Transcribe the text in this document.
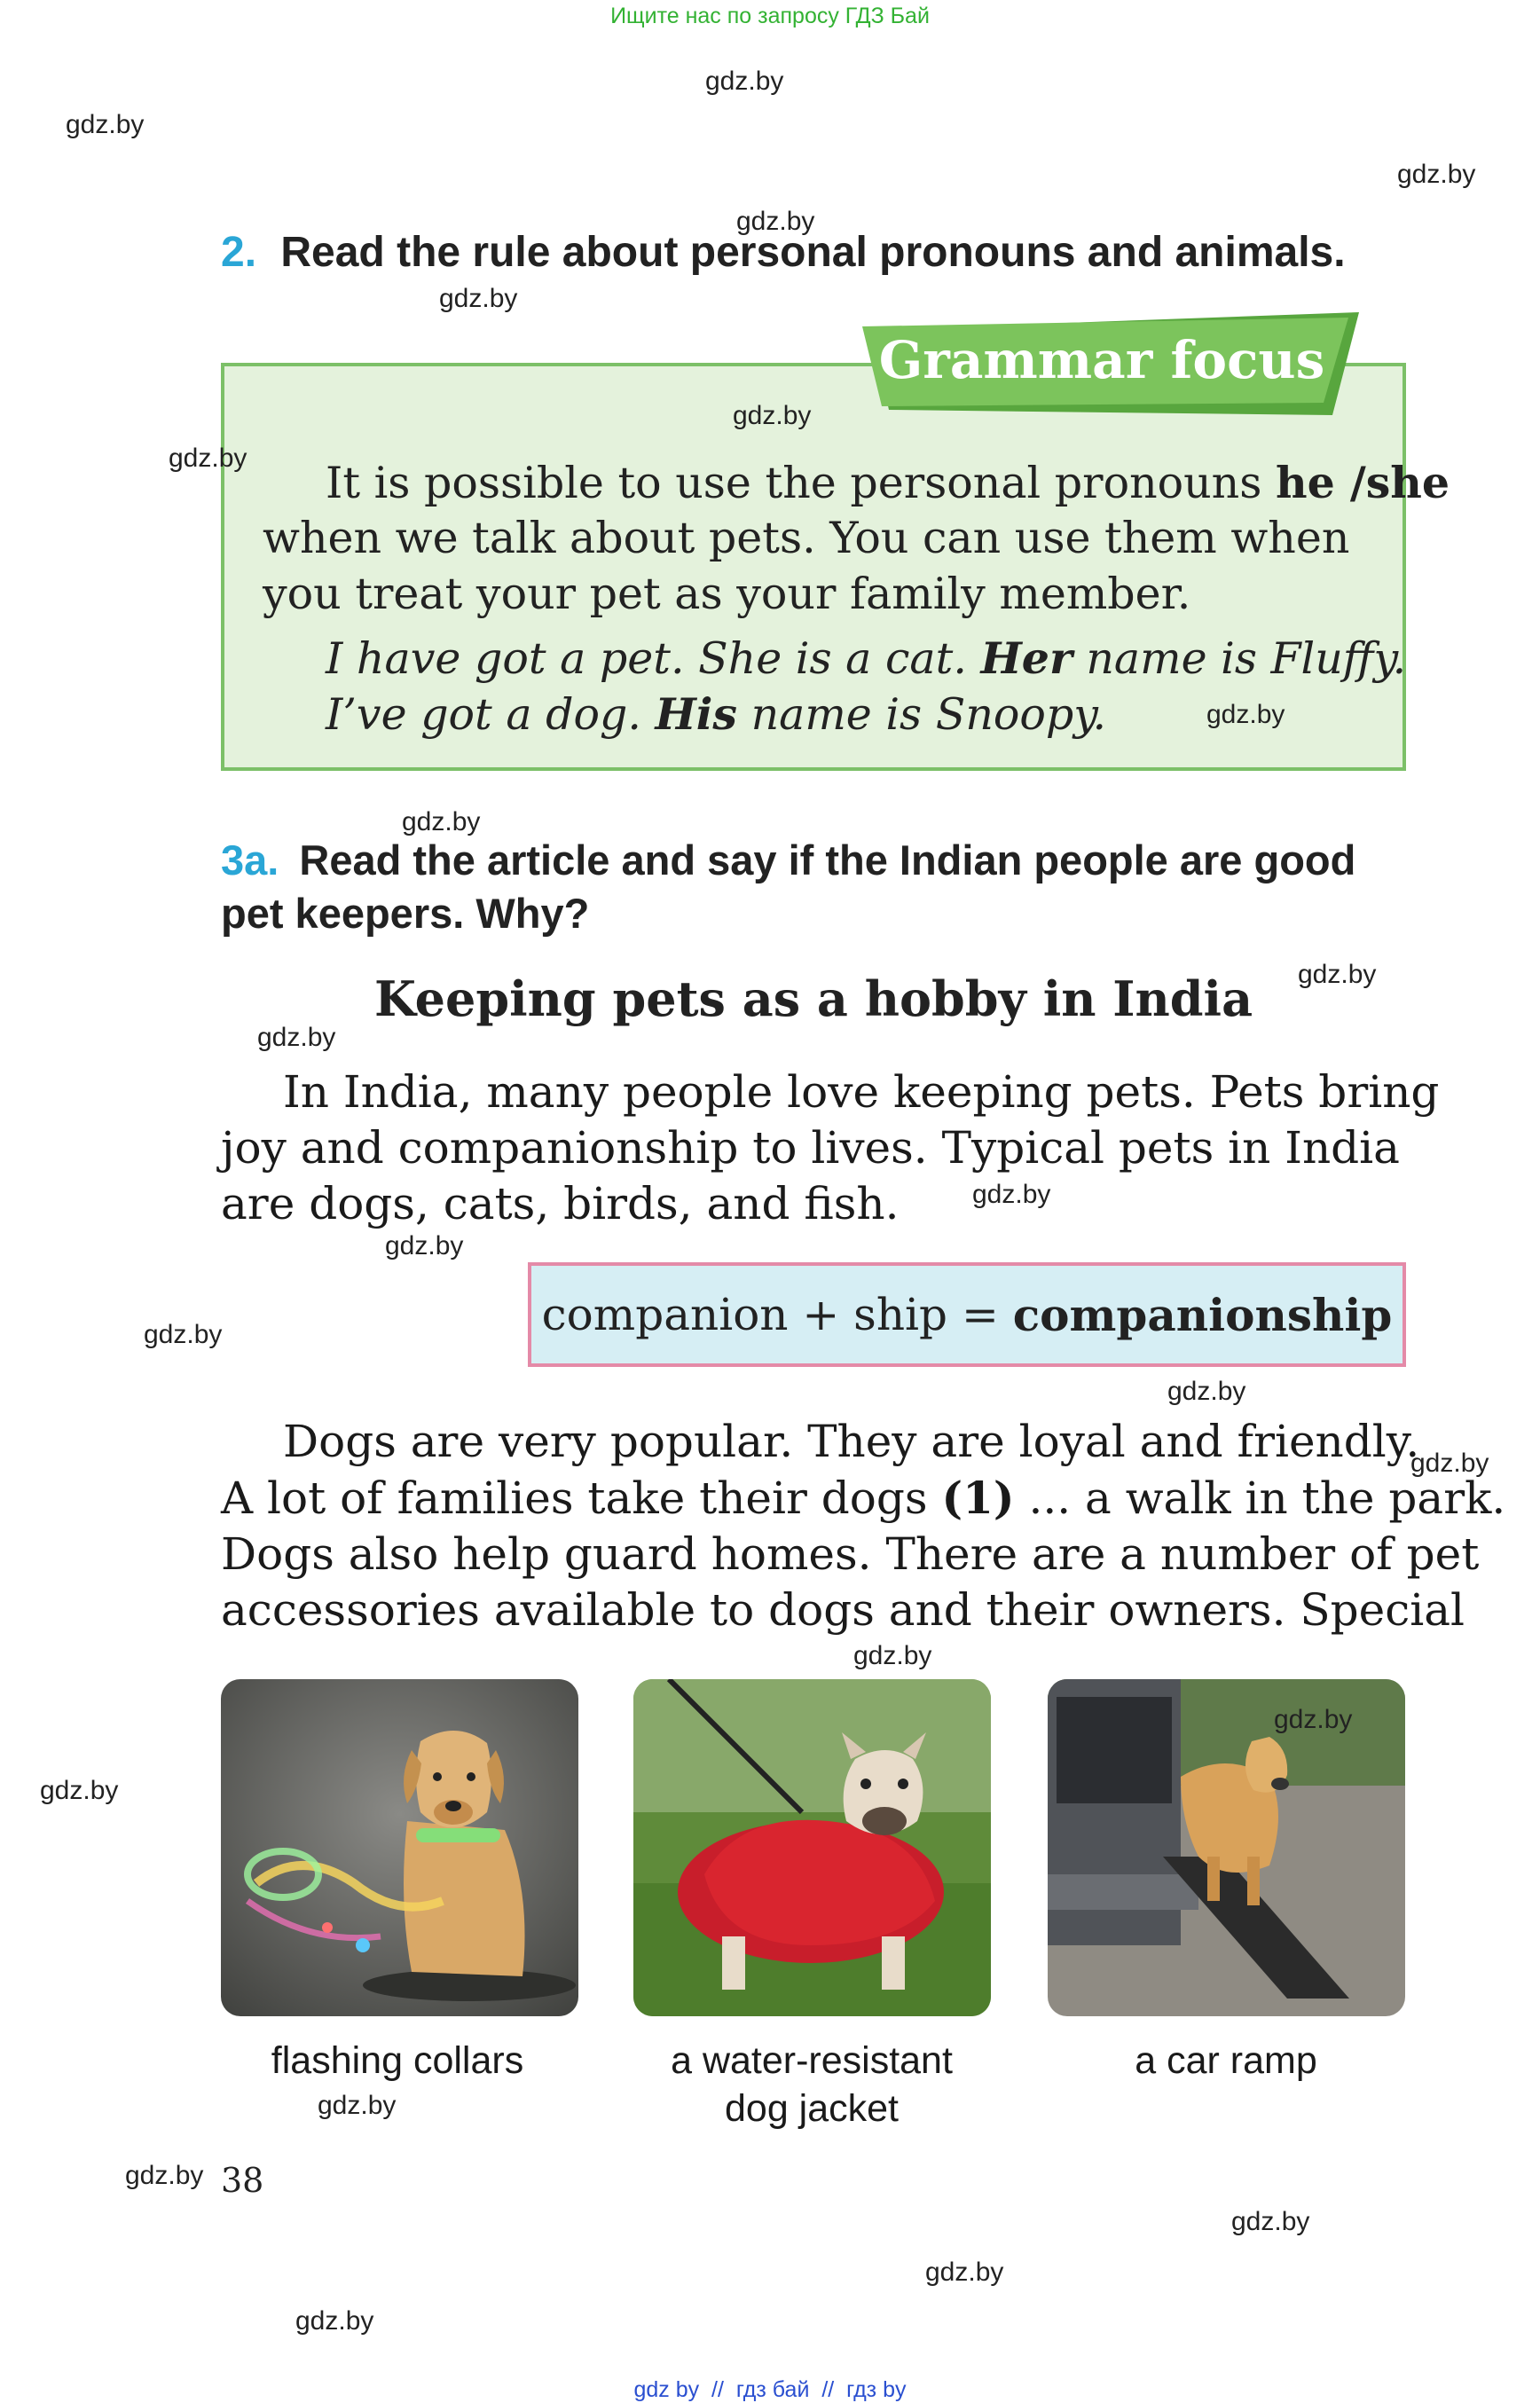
Ищите нас по запросу ГДЗ Бай
2. Read the rule about personal pronouns and animals.
Grammar focus
It is possible to use the personal pronouns he /she
when we talk about pets. You can use them when
you treat your pet as your family member.
I have got a pet. She is a cat. Her name is Fluffy.
I’ve got a dog. His name is Snoopy.
3a. Read the article and say if the Indian people are good
pet keepers. Why?
Keeping pets as a hobby in India
In India, many people love keeping pets. Pets bring
joy and companionship to lives. Typical pets in India
are dogs, cats, birds, and fish.
companion + ship = companionship
Dogs are very popular. They are loyal and friendly.
A lot of families take their dogs (1) ... a walk in the park.
Dogs also help guard homes. There are a number of pet
accessories available to dogs and their owners. Special
flashing collars	a water-resistant
dog jacket
a car ramp
38
gdz.by
gdz.by
gdz.by
gdz.by
gdz.by
gdz.by
gdz.by
gdz.by
gdz.by
gdz.by
gdz.by
gdz.by
gdz.by
gdz.by
gdz.by
gdz.by
gdz.by
gdz.by
gdz.by
gdz.by
gdz.by
gdz.by
gdz.by
gdz.by
gdz by  //  гдз бай  //  гдз by
